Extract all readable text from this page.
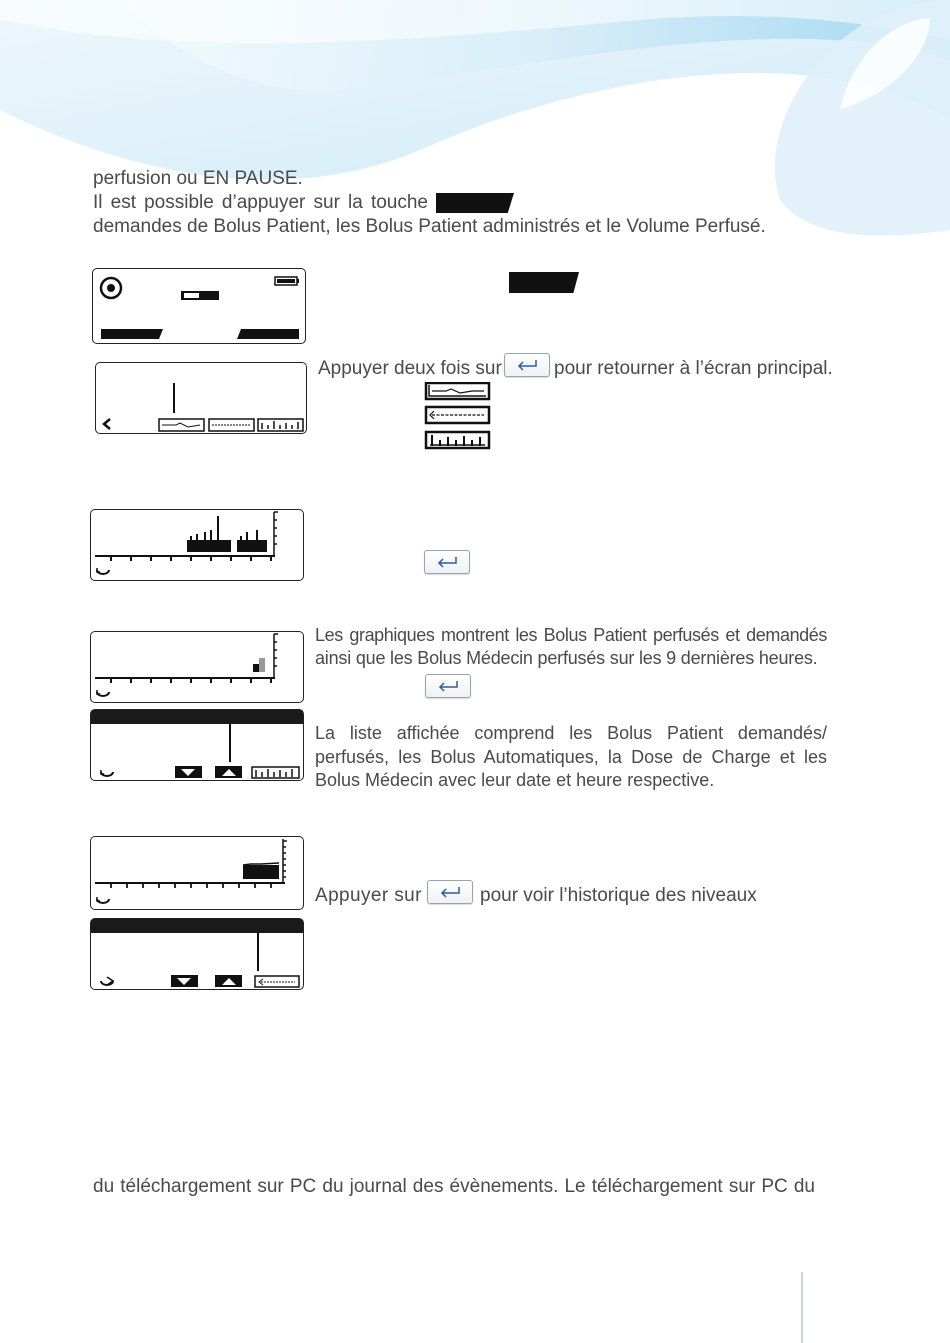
perfusion ou EN PAUSE.
Il est possible d’appuyer sur la touche
demandes de Bolus Patient, les Bolus Patient administrés et le Volume Perfusé.
Appuyer deux fois sur	pour retourner à l’écran principal.
Les graphiques montrent les Bolus Patient perfusés et demandés
ainsi que les Bolus Médecin perfusés sur les 9 dernières heures.
La liste affichée comprend les Bolus Patient demandés/
perfusés, les Bolus Automatiques, la Dose de Charge et les
Bolus Médecin avec leur date et heure respective.
Appuyer sur	pour voir l’historique des niveaux
du téléchargement sur PC du journal des évènements. Le téléchargement sur PC du
